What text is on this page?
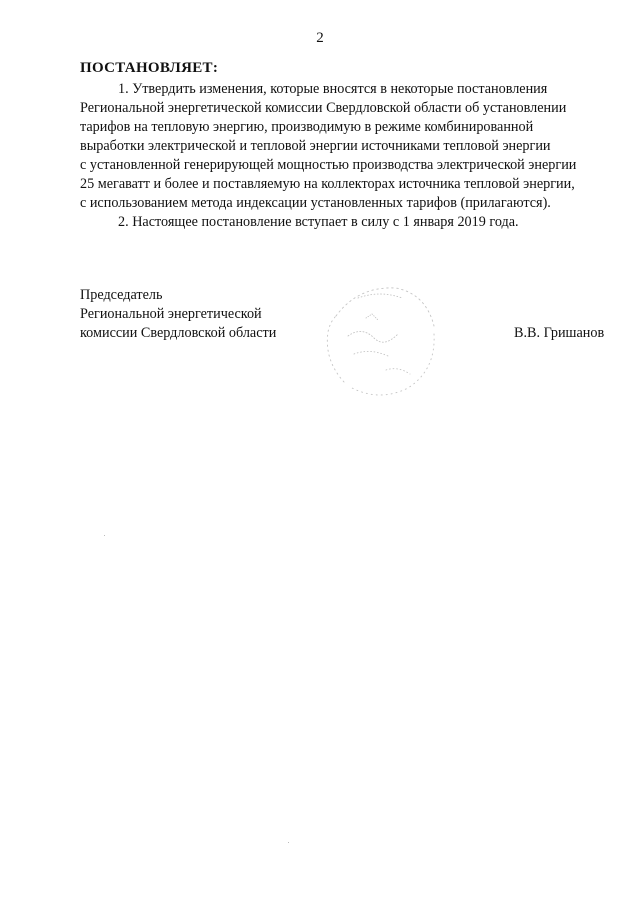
2
ПОСТАНОВЛЯЕТ:

1. Утвердить изменения, которые вносятся в некоторые постановления
Региональной энергетической комиссии Свердловской области об установлении
тарифов на тепловую энергию, производимую в режиме комбинированной
выработки электрической и тепловой энергии источниками тепловой энергии
с установленной генерирующей мощностью производства электрической энергии
25 мегаватт и более и поставляемую на коллекторах источника тепловой энергии,
с использованием метода индексации установленных тарифов (прилагаются).

2. Настоящее постановление вступает в силу с 1 января 2019 года.

Председатель
Региональной энергетической
комиссии Свердловской области	В.В. Гришанов
